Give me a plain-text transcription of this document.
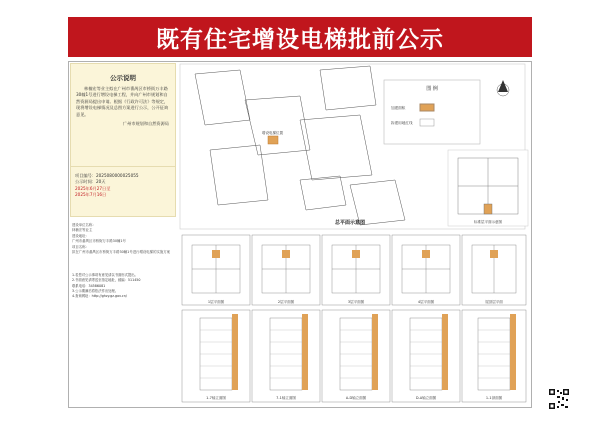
既有住宅增设电梯批前公示
公示说明
林楠宏等业主拟在广州市番禺区市桥街万丰路30幢1号进行增设电梯工程，并向广州市规划和自然资源局提出申请。根据《行政许可法》等规定，现将增设电梯情况及总图方案进行公示，公开征询意见。
广州市规划和自然资源局
项目编号：2025080000025055
公示时间：20天
2025年6月27日至
2025年7月16日
建设单位名称：
林楠宏等业主
建设地址：
广州市番禺区市桥街万丰路30幢1号
项目名称：
拟在广州市番禺区市桥街万丰路30幢1号进行增设电梯的实施方案
1.若您对公示事项有意见请以书面形式提出。
2.书面意见请寄送至指定地址，邮编：511450
联系电话：34586081
3.公示期满后将依法作出处理。
4.查询网址：http://ghzy.gz.gov.cn/
增设电梯位置
总平面示意图
图 例
加建面积
拆建用地红线
标准层平面示意图
1层平面图	2层平面图	3层平面图	4层平面图	屋顶层平面
1-7轴立面图	7-1轴立面图	A-D轴立面图	D-A轴立面图	1-1剖面图
